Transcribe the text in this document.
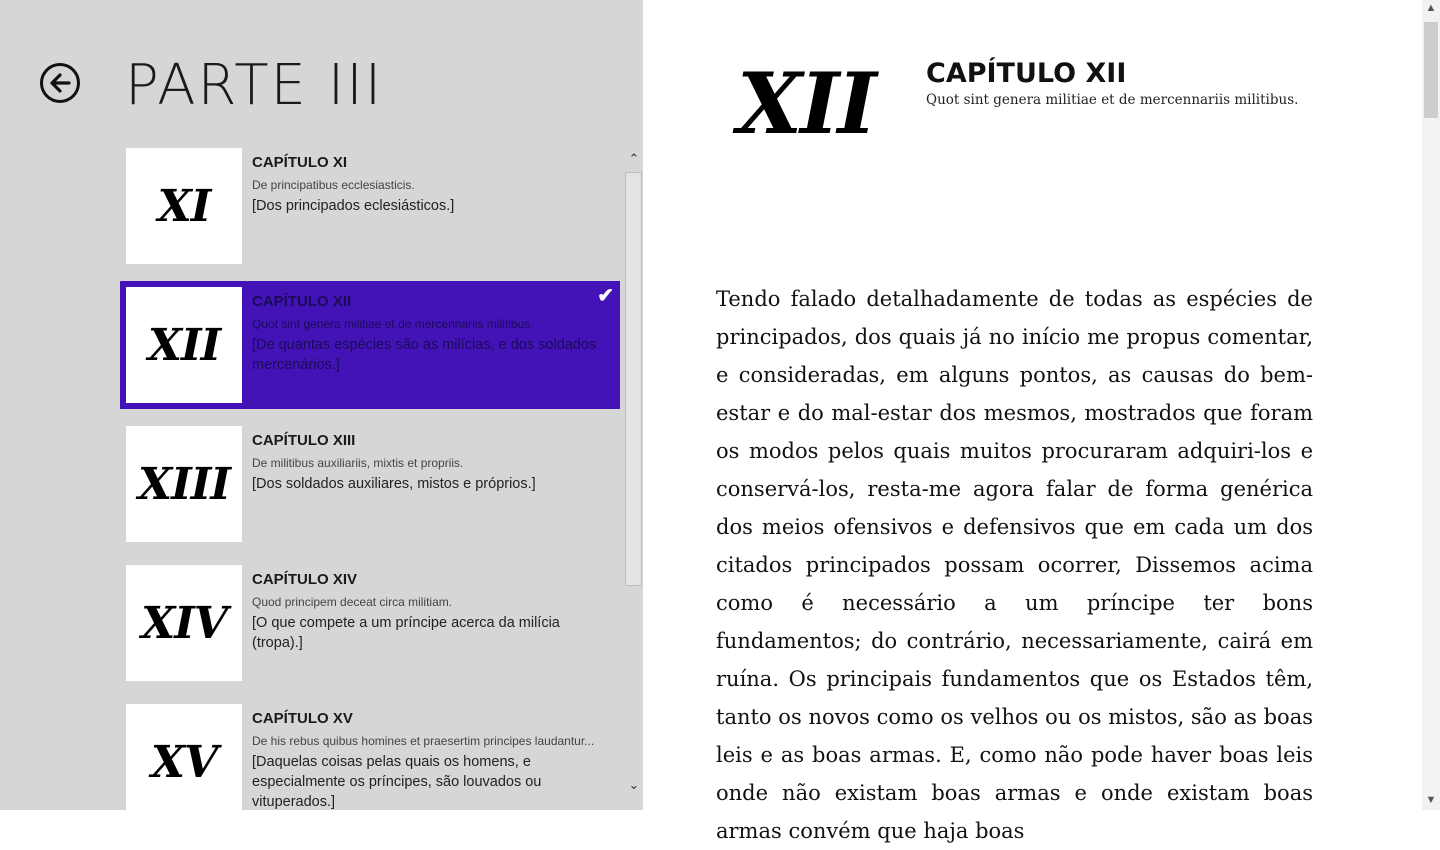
PARTE III
XI
CAPÍTULO XI
De principatibus ecclesiasticis.
[Dos principados eclesiásticos.]
XII
CAPÍTULO XII
Quot sint genera militiae et de mercennariis militibus.
[De quantas espécies são as milícias, e dos soldados mercenários.]
✔
XIII
CAPÍTULO XIII
De militibus auxiliariis, mixtis et propriis.
[Dos soldados auxiliares, mistos e próprios.]
XIV
CAPÍTULO XIV
Quod principem deceat circa militiam.
[O que compete a um príncipe acerca da milícia (tropa).]
XV
CAPÍTULO XV
De his rebus quibus homines et praesertim principes laudantur...
[Daquelas coisas pelas quais os homens, e especialmente os príncipes, são louvados ou vituperados.]
⌃
⌄
XII CAPÍTULO XII
Quot sint genera militiae et de mercennariis militibus.
Tendo falado detalhadamente de todas as espécies de principados, dos quais já no início me propus comentar, e consideradas, em alguns pontos, as causas do bem-estar e do mal-estar dos mesmos, mostrados que foram os modos pelos quais muitos procuraram adquiri-los e conservá-los, resta-me agora falar de forma genérica dos meios ofensivos e defensivos que em cada um dos citados principados possam ocorrer, Dissemos acima como é necessário a um príncipe ter bons fundamentos; do contrário, necessariamente, cairá em ruína. Os principais fundamentos que os Estados têm, tanto os novos como os velhos ou os mistos, são as boas leis e as boas armas. E, como não pode haver boas leis onde não existam boas armas e onde existam boas armas convém que haja boas
▲
▼
